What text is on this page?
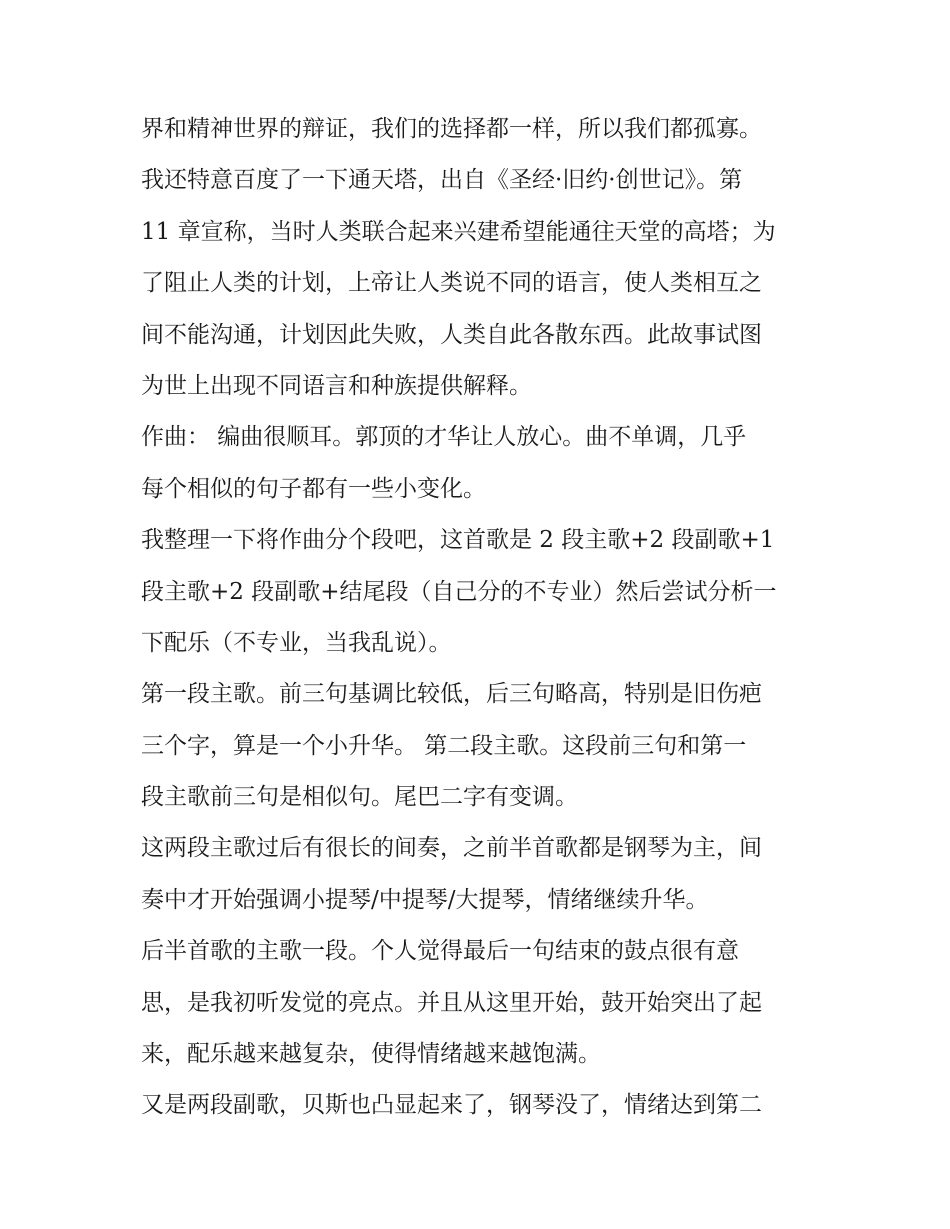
界和精神世界的辩证，我们的选择都一样，所以我们都孤寡。
我还特意百度了一下通天塔，出自《圣经·旧约·创世记》。第
11 章宣称，当时人类联合起来兴建希望能通往天堂的高塔；为
了阻止人类的计划，上帝让人类说不同的语言，使人类相互之
间不能沟通，计划因此失败，人类自此各散东西。此故事试图
为世上出现不同语言和种族提供解释。
作曲： 编曲很顺耳。郭顶的才华让人放心。曲不单调，几乎
每个相似的句子都有一些小变化。
我整理一下将作曲分个段吧，这首歌是 2 段主歌+2 段副歌+1
段主歌+2 段副歌+结尾段（自己分的不专业）然后尝试分析一
下配乐（不专业，当我乱说）。
第一段主歌。前三句基调比较低，后三句略高，特别是旧伤疤
三个字，算是一个小升华。 第二段主歌。这段前三句和第一
段主歌前三句是相似句。尾巴二字有变调。
这两段主歌过后有很长的间奏，之前半首歌都是钢琴为主，间
奏中才开始强调小提琴/中提琴/大提琴，情绪继续升华。
后半首歌的主歌一段。个人觉得最后一句结束的鼓点很有意
思，是我初听发觉的亮点。并且从这里开始，鼓开始突出了起
来，配乐越来越复杂，使得情绪越来越饱满。
又是两段副歌，贝斯也凸显起来了，钢琴没了，情绪达到第二
